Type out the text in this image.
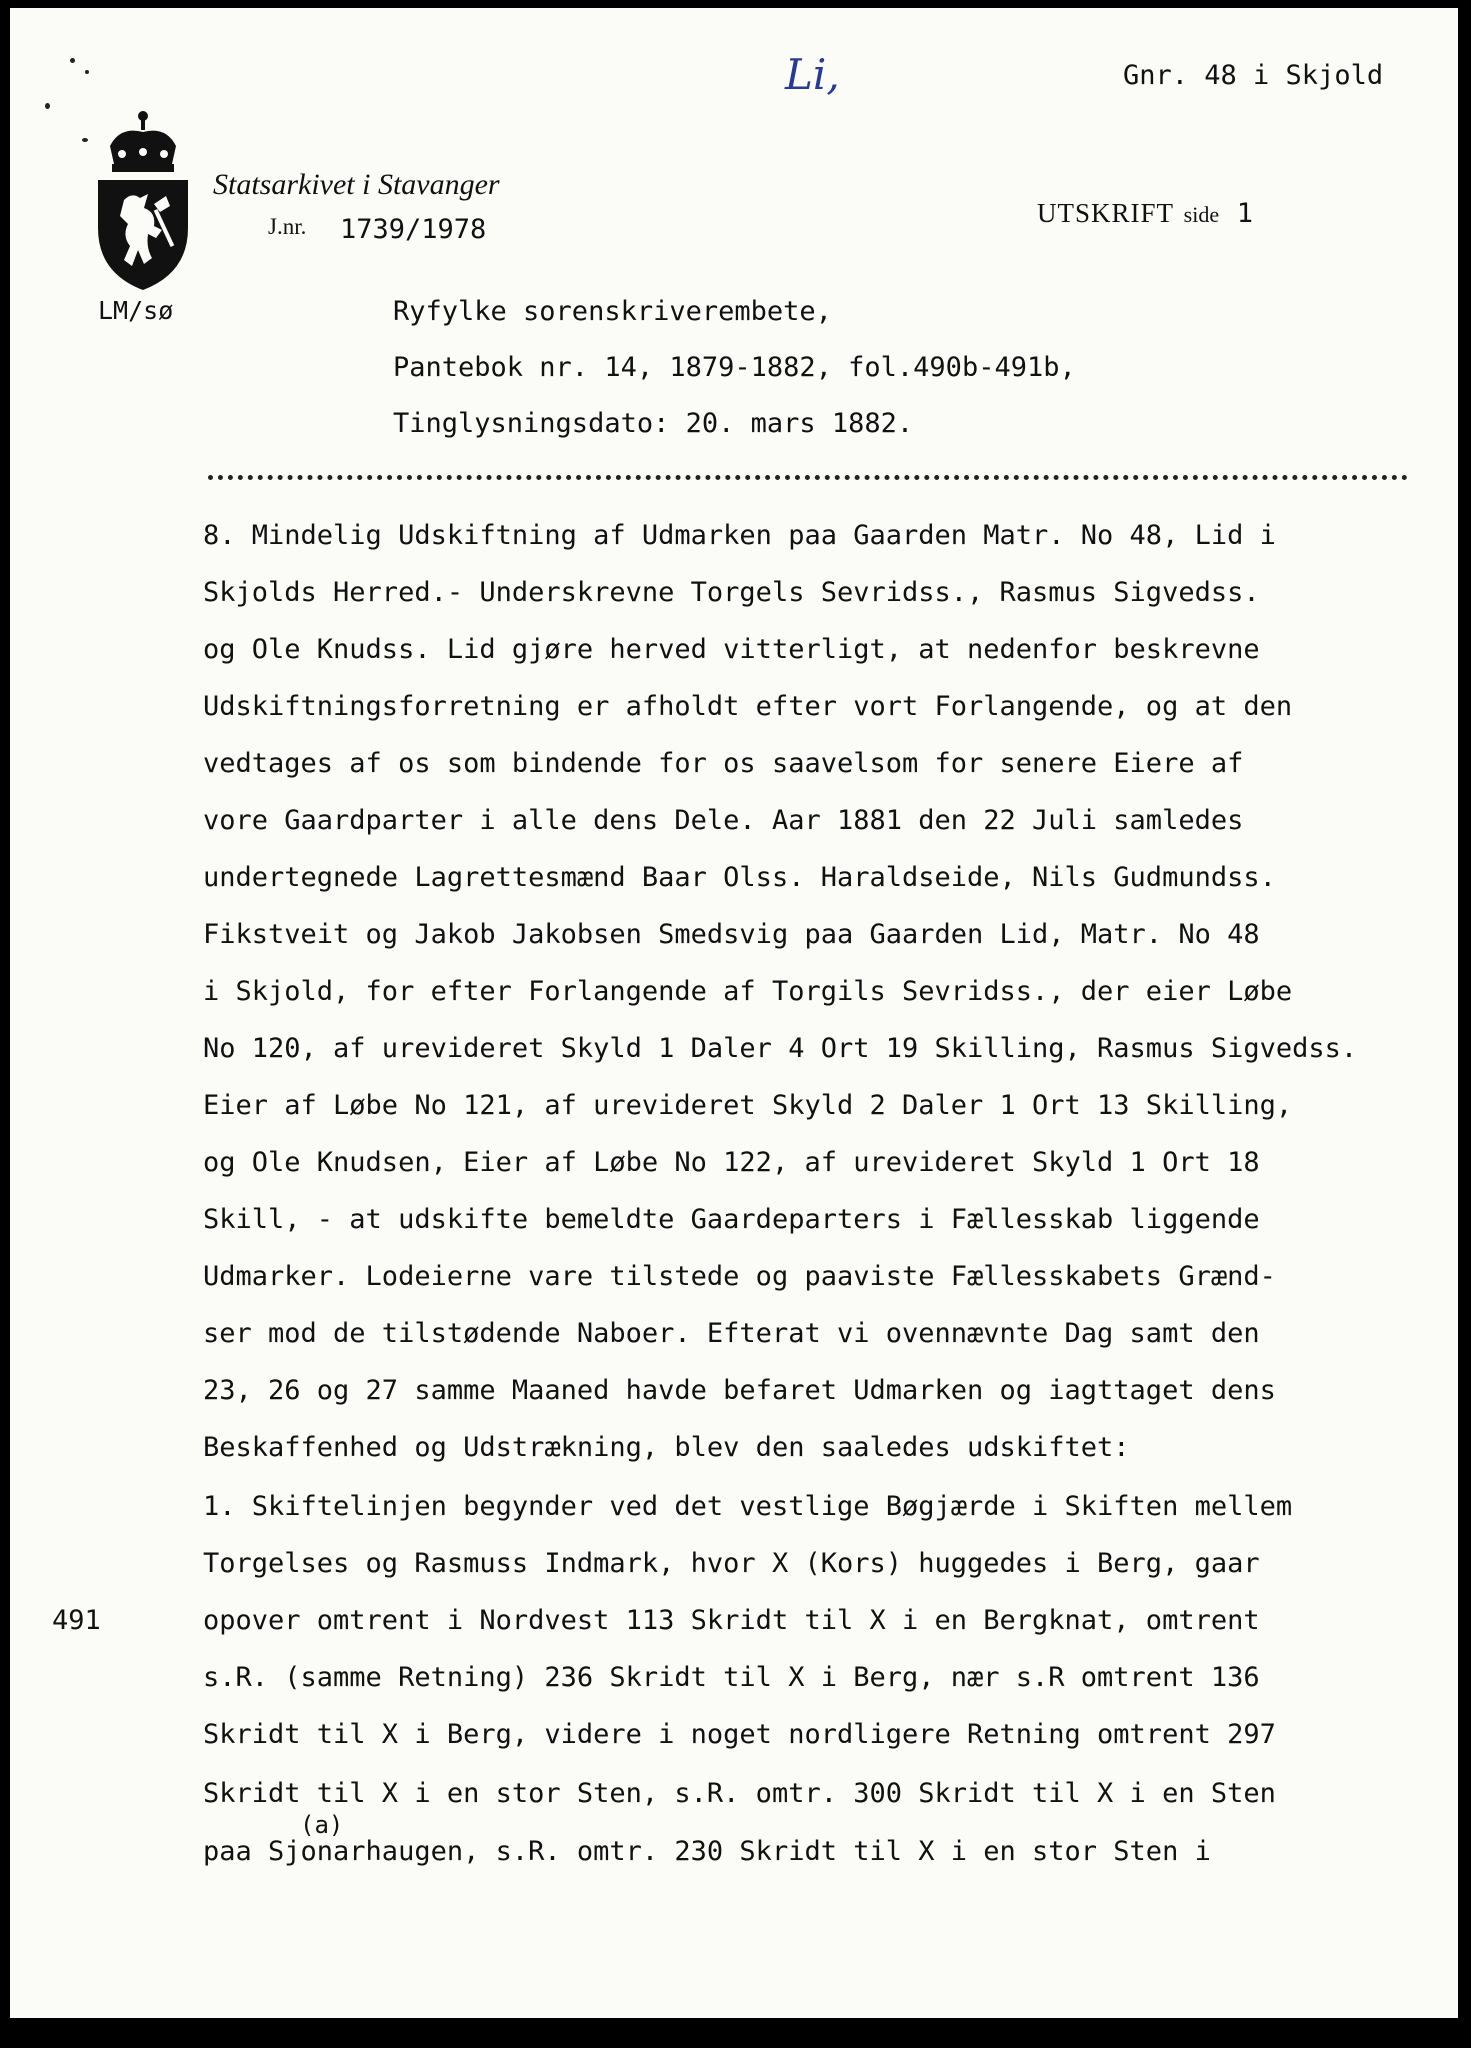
Li,	Gnr. 48 i Skjold
Statsarkivet i Stavanger
J.nr. 1739/1978
UTSKRIFT side 1
LM/sø	Ryfylke sorenskriverembete,
Pantebok nr. 14, 1879-1882, fol.490b-491b,
Tinglysningsdato: 20. mars 1882.
491
8. Mindelig Udskiftning af Udmarken paa Gaarden Matr. No 48, Lid i
Skjolds Herred.- Underskrevne Torgels Sevridss., Rasmus Sigvedss.
og Ole Knudss. Lid gjøre herved vitterligt, at nedenfor beskrevne
Udskiftningsforretning er afholdt efter vort Forlangende, og at den
vedtages af os som bindende for os saavelsom for senere Eiere af
vore Gaardparter i alle dens Dele. Aar 1881 den 22 Juli samledes
undertegnede Lagrettesmænd Baar Olss. Haraldseide, Nils Gudmundss.
Fikstveit og Jakob Jakobsen Smedsvig paa Gaarden Lid, Matr. No 48
i Skjold, for efter Forlangende af Torgils Sevridss., der eier Løbe
No 120, af urevideret Skyld 1 Daler 4 Ort 19 Skilling, Rasmus Sigvedss.
Eier af Løbe No 121, af urevideret Skyld 2 Daler 1 Ort 13 Skilling,
og Ole Knudsen, Eier af Løbe No 122, af urevideret Skyld 1 Ort 18
Skill, - at udskifte bemeldte Gaardeparters i Fællesskab liggende
Udmarker. Lodeierne vare tilstede og paaviste Fællesskabets Grænd-
ser mod de tilstødende Naboer. Efterat vi ovennævnte Dag samt den
23, 26 og 27 samme Maaned havde befaret Udmarken og iagttaget dens
Beskaffenhed og Udstrækning, blev den saaledes udskiftet:
1. Skiftelinjen begynder ved det vestlige Bøgjærde i Skiften mellem
Torgelses og Rasmuss Indmark, hvor X (Kors) huggedes i Berg, gaar
opover omtrent i Nordvest 113 Skridt til X i en Bergknat, omtrent
s.R. (samme Retning) 236 Skridt til X i Berg, nær s.R omtrent 136
Skridt til X i Berg, videre i noget nordligere Retning omtrent 297
Skridt til X i en stor Sten, s.R. omtr. 300 Skridt til X i en Sten
(a)
paa Sjonarhaugen, s.R. omtr. 230 Skridt til X i en stor Sten i
